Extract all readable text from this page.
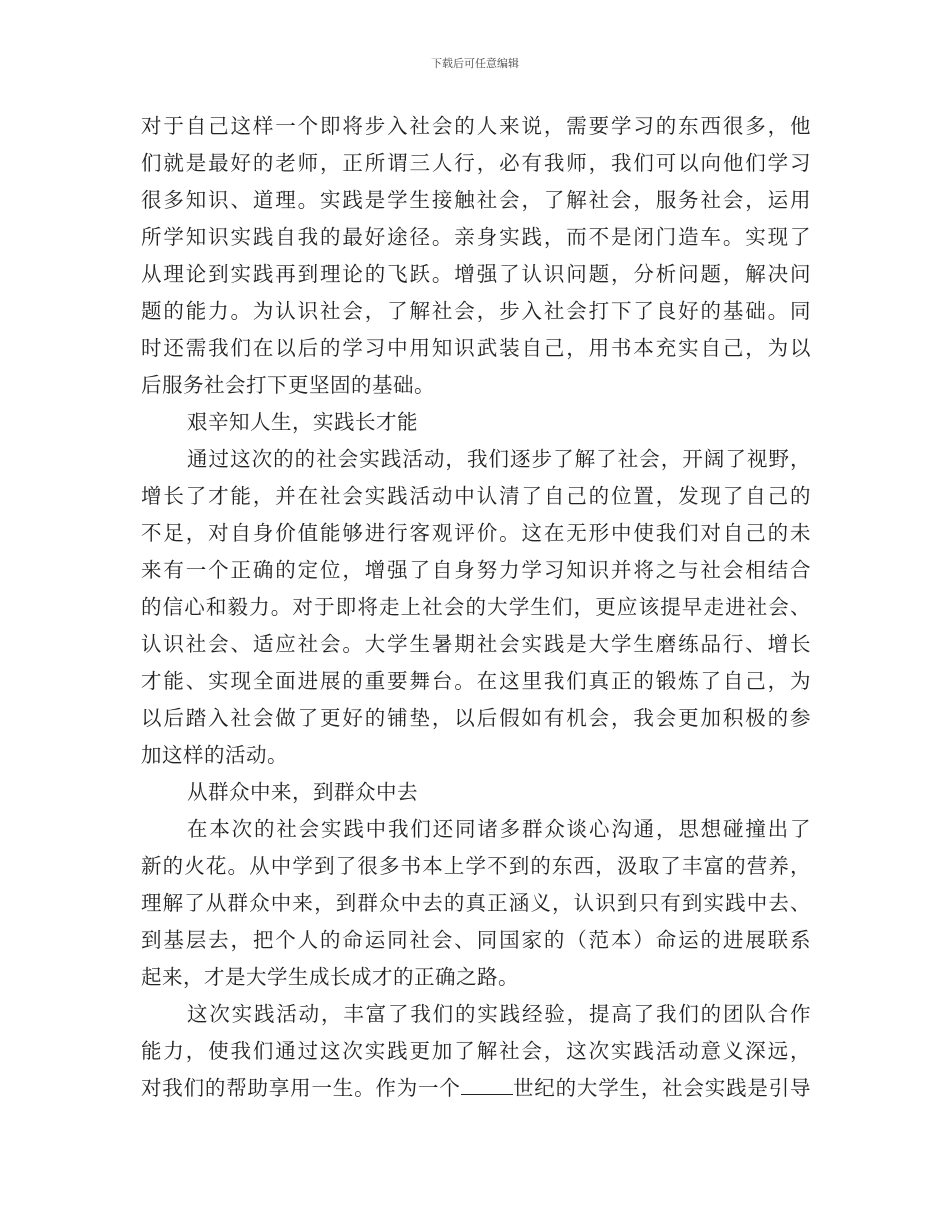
下载后可任意编辑
对于自己这样一个即将步入社会的人来说，需要学习的东西很多，他
们就是最好的老师，正所谓三人行，必有我师，我们可以向他们学习
很多知识、道理。实践是学生接触社会，了解社会，服务社会，运用
所学知识实践自我的最好途径。亲身实践，而不是闭门造车。实现了
从理论到实践再到理论的飞跃。增强了认识问题，分析问题，解决问
题的能力。为认识社会，了解社会，步入社会打下了良好的基础。同
时还需我们在以后的学习中用知识武装自己，用书本充实自己，为以
后服务社会打下更坚固的基础。
艰辛知人生，实践长才能
通过这次的的社会实践活动，我们逐步了解了社会，开阔了视野，
增长了才能，并在社会实践活动中认清了自己的位置，发现了自己的
不足，对自身价值能够进行客观评价。这在无形中使我们对自己的未
来有一个正确的定位，增强了自身努力学习知识并将之与社会相结合
的信心和毅力。对于即将走上社会的大学生们，更应该提早走进社会、
认识社会、适应社会。大学生暑期社会实践是大学生磨练品行、增长
才能、实现全面进展的重要舞台。在这里我们真正的锻炼了自己，为
以后踏入社会做了更好的铺垫，以后假如有机会，我会更加积极的参
加这样的活动。
从群众中来，到群众中去
在本次的社会实践中我们还同诸多群众谈心沟通，思想碰撞出了
新的火花。从中学到了很多书本上学不到的东西，汲取了丰富的营养，
理解了从群众中来，到群众中去的真正涵义，认识到只有到实践中去、
到基层去，把个人的命运同社会、同国家的（范本）命运的进展联系
起来，才是大学生成长成才的正确之路。
这次实践活动，丰富了我们的实践经验，提高了我们的团队合作
能力，使我们通过这次实践更加了解社会，这次实践活动意义深远，
对我们的帮助享用一生。作为一个	世纪的大学生，社会实践是引导
